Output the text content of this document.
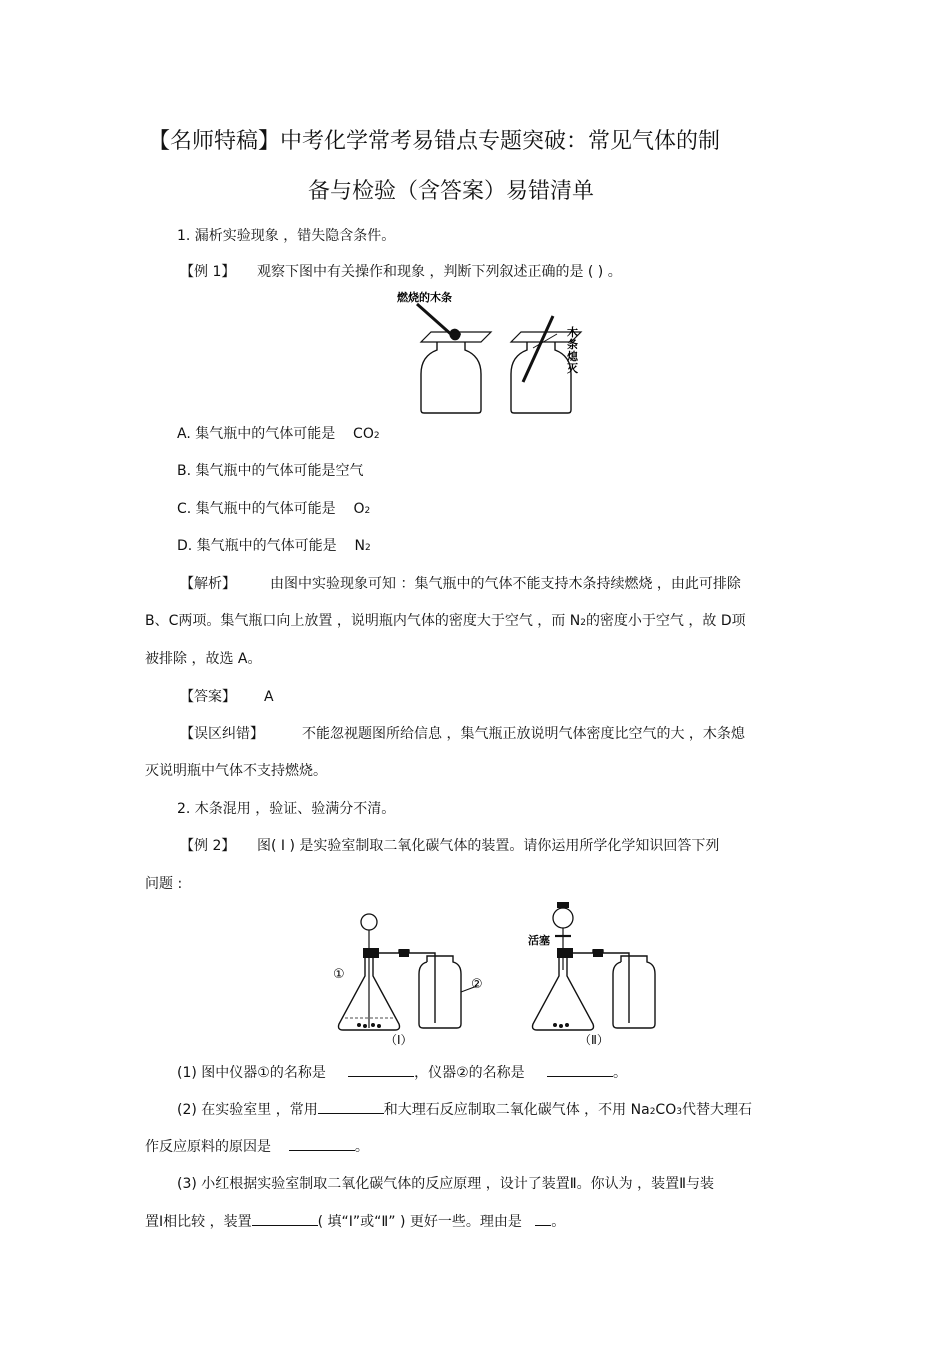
【名师特稿】中考化学常考易错点专题突破：常见气体的制
备与检验（含答案）易错清单
1. 漏析实验现象 ，错失隐含条件。
【例 1】 观察下图中有关操作和现象 ，判断下列叙述正确的是 ( ) 。
燃烧的木条
木
条
熄
灭
A. 集气瓶中的气体可能是 CO2
B. 集气瓶中的气体可能是空气
C. 集气瓶中的气体可能是 O2
D. 集气瓶中的气体可能是 N2
【解析】 由图中实验现象可知 ：集气瓶中的气体不能支持木条持续燃烧 ，由此可排除
B、C两项。集气瓶口向上放置 ，说明瓶内气体的密度大于空气 ，而 N2的密度小于空气 ，故 D项
被排除 ，故选 A。
【答案】 A
【误区纠错】	不能忽视题图所给信息 ，集气瓶正放说明气体密度比空气的大 ，木条熄
灭说明瓶中气体不支持燃烧。
2. 木条混用 ，验证、验满分不清。
【例 2】 图( Ⅰ ) 是实验室制取二氧化碳气体的装置。请你运用所学化学知识回答下列
问题 :
①
②
（Ⅰ）
活塞
（Ⅱ）
(1) 图中仪器①的名称是	，仪器②的名称是	。
(2) 在实验室里 ，常用	和大理石反应制取二氧化碳气体 ，不用 Na2CO3代替大理石
作反应原料的原因是	。
(3) 小红根据实验室制取二氧化碳气体的反应原理 ，设计了装置Ⅱ。你认为 ，装置Ⅱ与装
置Ⅰ相比较 ，装置	( 填“Ⅰ”或“Ⅱ” ) 更好一些。理由是 。
